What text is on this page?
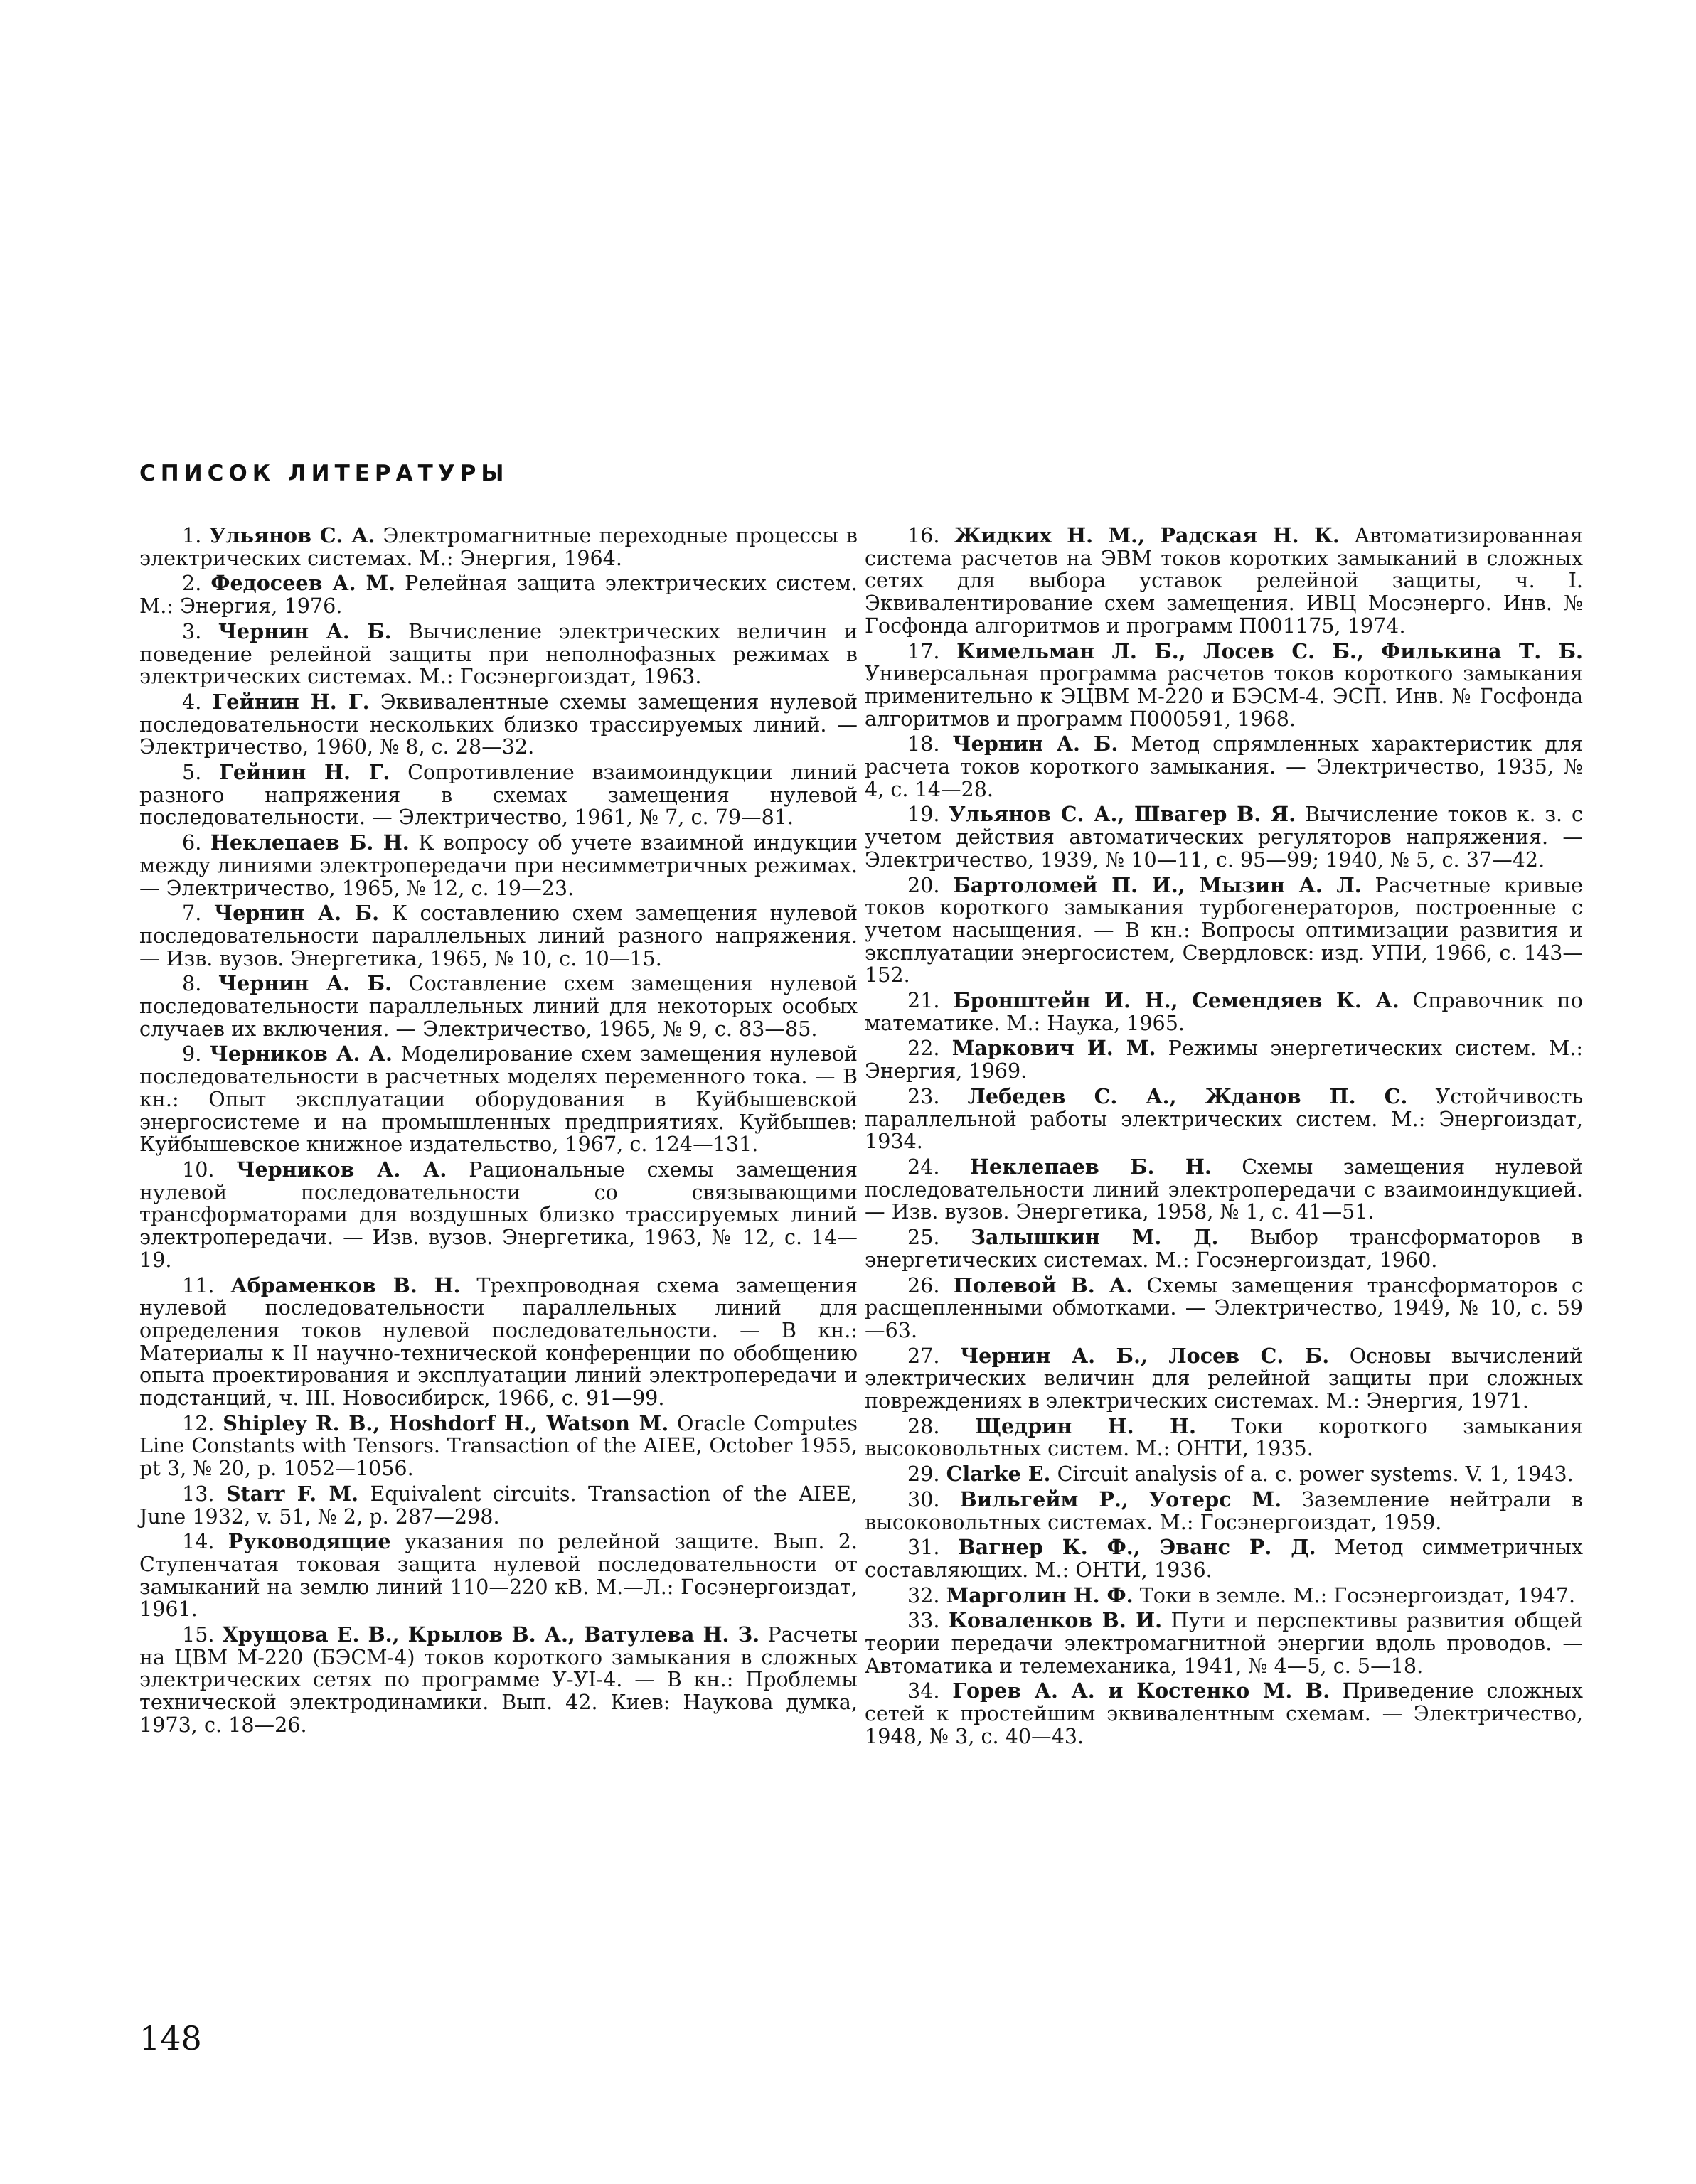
СПИСОК ЛИТЕРАТУРЫ

1. Ульянов С. А. Электромагнитные переходные процессы в электрических системах. М.: Энергия, 1964.

2. Федосеев А. М. Релейная защита электрических систем. М.: Энергия, 1976.

3. Чернин А. Б. Вычисление электрических величин и поведение релейной защиты при неполнофазных режимах в электрических системах. М.: Госэнергоиздат, 1963.

4. Гейнин Н. Г. Эквивалентные схемы замещения нулевой последовательности нескольких близко трассируемых линий. — Электричество, 1960, № 8, с. 28—32.

5. Гейнин Н. Г. Сопротивление взаимоиндукции линий разного напряжения в схемах замещения нулевой последовательности. — Электричество, 1961, № 7, с. 79—81.

6. Неклепаев Б. Н. К вопросу об учете взаимной индукции между линиями электропередачи при несимметричных режимах. — Электричество, 1965, № 12, с. 19—23.

7. Чернин А. Б. К составлению схем замещения нулевой последовательности параллельных линий разного напряжения. — Изв. вузов. Энергетика, 1965, № 10, с. 10—15.

8. Чернин А. Б. Составление схем замещения нулевой последовательности параллельных линий для некоторых особых случаев их включения. — Электричество, 1965, № 9, с. 83—85.

9. Черников А. А. Моделирование схем замещения нулевой последовательности в расчетных моделях переменного тока. — В кн.: Опыт эксплуатации оборудования в Куйбышевской энергосистеме и на промышленных предприятиях. Куйбышев: Куйбышевское книжное издательство, 1967, с. 124—131.

10. Черников А. А. Рациональные схемы замещения нулевой последовательности со связывающими трансформаторами для воздушных близко трассируемых линий электропередачи. — Изв. вузов. Энергетика, 1963, № 12, с. 14—19.

11. Абраменков В. Н. Трехпроводная схема замещения нулевой последовательности параллельных линий для определения токов нулевой последовательности. — В кн.: Материалы к II научно-технической конференции по обобщению опыта проектирования и эксплуатации линий электропередачи и подстанций, ч. III. Новосибирск, 1966, с. 91—99.

12. Shipley R. B., Hoshdorf H., Watson M. Oracle Computes Line Constants with Tensors. Transaction of the AIEE, October 1955, pt 3, № 20, p. 1052—1056.

13. Starr F. M. Equivalent circuits. Transaction of the AIEE, June 1932, v. 51, № 2, p. 287—298.

14. Руководящие указания по релейной защите. Вып. 2. Ступенчатая токовая защита нулевой последовательности от замыканий на землю линий 110—220 кВ. М.—Л.: Госэнергоиздат, 1961.

15. Хрущова Е. В., Крылов В. А., Ватулева Н. З. Расчеты на ЦВМ М-220 (БЭСМ-4) токов короткого замыкания в сложных электрических сетях по программе У-УI-4. — В кн.: Проблемы технической электродинамики. Вып. 42. Киев: Наукова думка, 1973, с. 18—26.

16. Жидких Н. М., Радская Н. К. Автоматизированная система расчетов на ЭВМ токов коротких замыканий в сложных сетях для выбора уставок релейной защиты, ч. I. Эквивалентирование схем замещения. ИВЦ Мосэнерго. Инв. № Госфонда алгоритмов и программ П001175, 1974.

17. Кимельман Л. Б., Лосев С. Б., Филькина Т. Б. Универсальная программа расчетов токов короткого замыкания применительно к ЭЦВМ М-220 и БЭСМ-4. ЭСП. Инв. № Госфонда алгоритмов и программ П000591, 1968.

18. Чернин А. Б. Метод спрямленных характеристик для расчета токов короткого замыкания. — Электричество, 1935, № 4, с. 14—28.

19. Ульянов С. А., Швагер В. Я. Вычисление токов к. з. с учетом действия автоматических регуляторов напряжения. — Электричество, 1939, № 10—11, с. 95—99; 1940, № 5, с. 37—42.

20. Бартоломей П. И., Мызин А. Л. Расчетные кривые токов короткого замыкания турбогенераторов, построенные с учетом насыщения. — В кн.: Вопросы оптимизации развития и эксплуатации энергосистем, Свердловск: изд. УПИ, 1966, с. 143—152.

21. Бронштейн И. Н., Семендяев К. А. Справочник по математике. М.: Наука, 1965.

22. Маркович И. М. Режимы энергетических систем. М.: Энергия, 1969.

23. Лебедев С. А., Жданов П. С. Устойчивость параллельной работы электрических систем. М.: Энергоиздат, 1934.

24. Неклепаев Б. Н. Схемы замещения нулевой последовательности линий электропередачи с взаимоиндукцией. — Изв. вузов. Энергетика, 1958, № 1, с. 41—51.

25. Залышкин М. Д. Выбор трансформаторов в энергетических системах. М.: Госэнергоиздат, 1960.

26. Полевой В. А. Схемы замещения трансформаторов с расщепленными обмотками. — Электричество, 1949, № 10, с. 59—63.

27. Чернин А. Б., Лосев С. Б. Основы вычислений электрических величин для релейной защиты при сложных повреждениях в электрических системах. М.: Энергия, 1971.

28. Щедрин Н. Н. Токи короткого замыкания высоковольтных систем. М.: ОНТИ, 1935.

29. Clarke E. Circuit analysis of a. c. power systems. V. 1, 1943.

30. Вильгейм Р., Уотерс М. Заземление нейтрали в высоковольтных системах. М.: Госэнергоиздат, 1959.

31. Вагнер К. Ф., Эванс Р. Д. Метод симметричных составляющих. М.: ОНТИ, 1936.

32. Марголин Н. Ф. Токи в земле. М.: Госэнергоиздат, 1947.

33. Коваленков В. И. Пути и перспективы развития общей теории передачи электромагнитной энергии вдоль проводов. — Автоматика и телемеханика, 1941, № 4—5, с. 5—18.

34. Горев А. А. и Костенко М. В. Приведение сложных сетей к простейшим эквивалентным схемам. — Электричество, 1948, № 3, с. 40—43.

148
